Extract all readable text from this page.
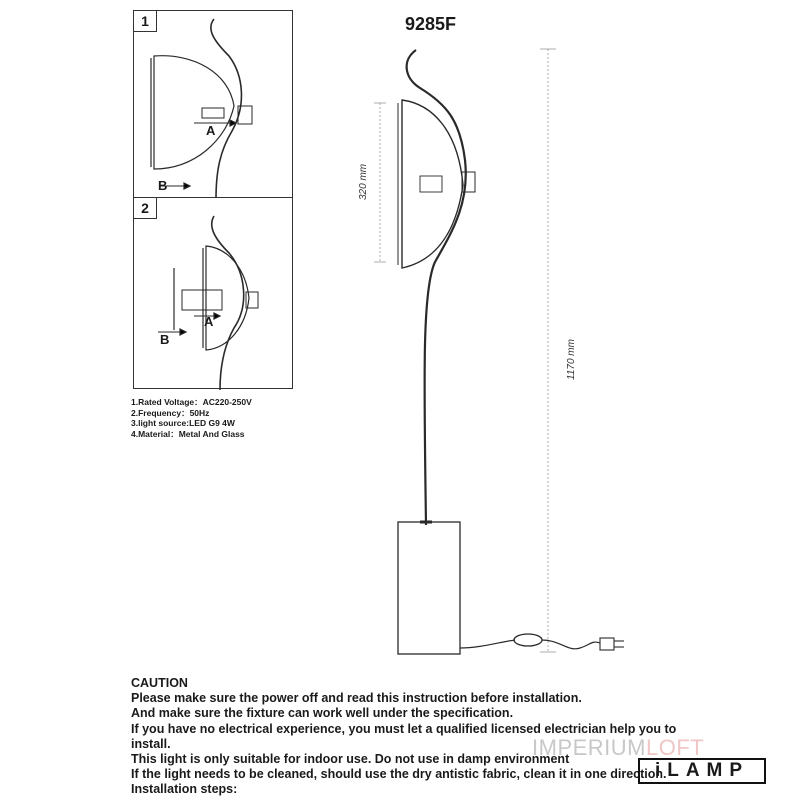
9285F
320 mm
1170 mm
1
A
B
2
A
B
1.Rated Voltage：AC220-250V
2.Frequency：50Hz
3.light source:LED G9 4W
4.Material：Metal And Glass
CAUTION
Please make sure the power off and read this instruction before installation.
And make sure the fixture can work well under the specification.
If you have no electrical experience, you must let a qualified licensed electrician help you to install.
This light is only suitable for indoor use. Do not use in damp environment
If the light needs to be cleaned, should use the dry antistic fabric, clean it in one direction.
Installation steps:
IMPERIUMLOFT
iLAMP
